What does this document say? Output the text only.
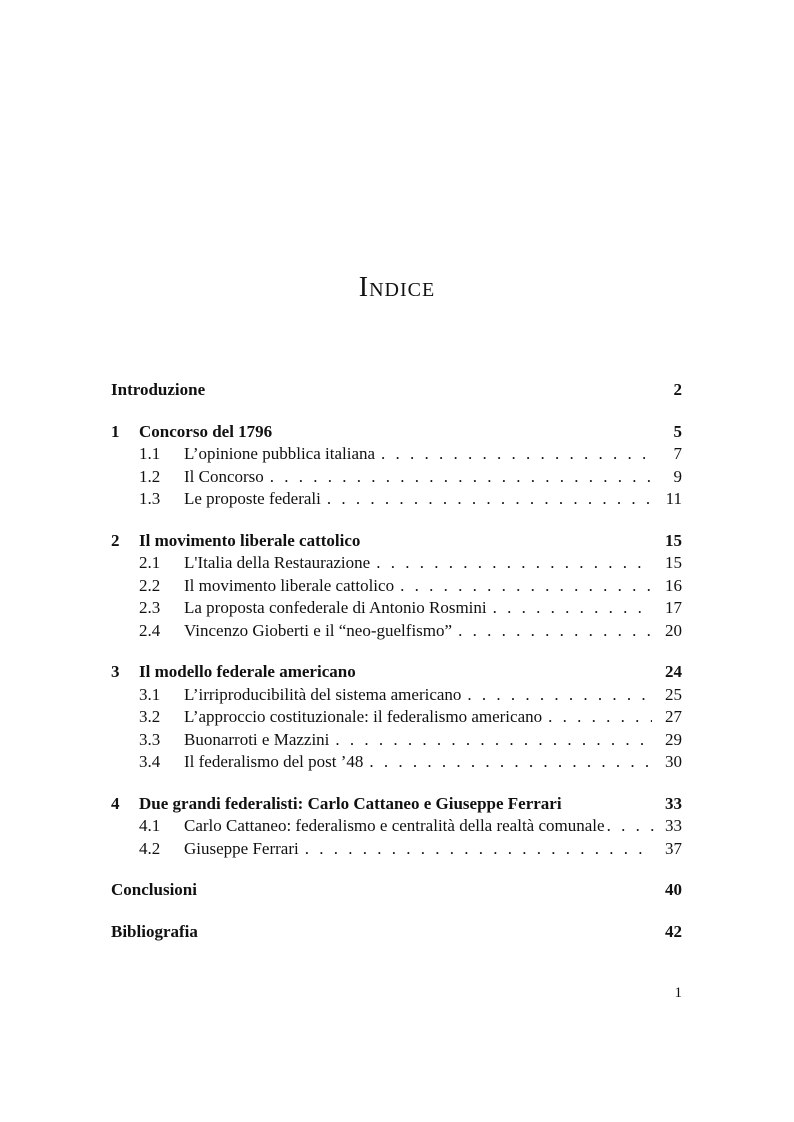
Indice
Introduzione	2
1	Concorso del 1796	5
1.1	L’opinione pubblica italiana . . .	7
1.2	Il Concorso . . .	9
1.3	Le proposte federali . . .	11
2	Il movimento liberale cattolico	15
2.1	L'Italia della Restaurazione . . .	15
2.2	Il movimento liberale cattolico . . .	16
2.3	La proposta confederale di Antonio Rosmini . . .	17
2.4	Vincenzo Gioberti e il “neo-guelfismo” . . .	20
3	Il modello federale americano	24
3.1	L’irriproducibilità del sistema americano . . .	25
3.2	L’approccio costituzionale: il federalismo americano . . .	27
3.3	Buonarroti e Mazzini . . .	29
3.4	Il federalismo del post ’48 . . .	30
4	Due grandi federalisti: Carlo Cattaneo e Giuseppe Ferrari	33
4.1	Carlo Cattaneo: federalismo e centralità della realtà comunale . . .	33
4.2	Giuseppe Ferrari . . .	37
Conclusioni	40
Bibliografia	42
1
